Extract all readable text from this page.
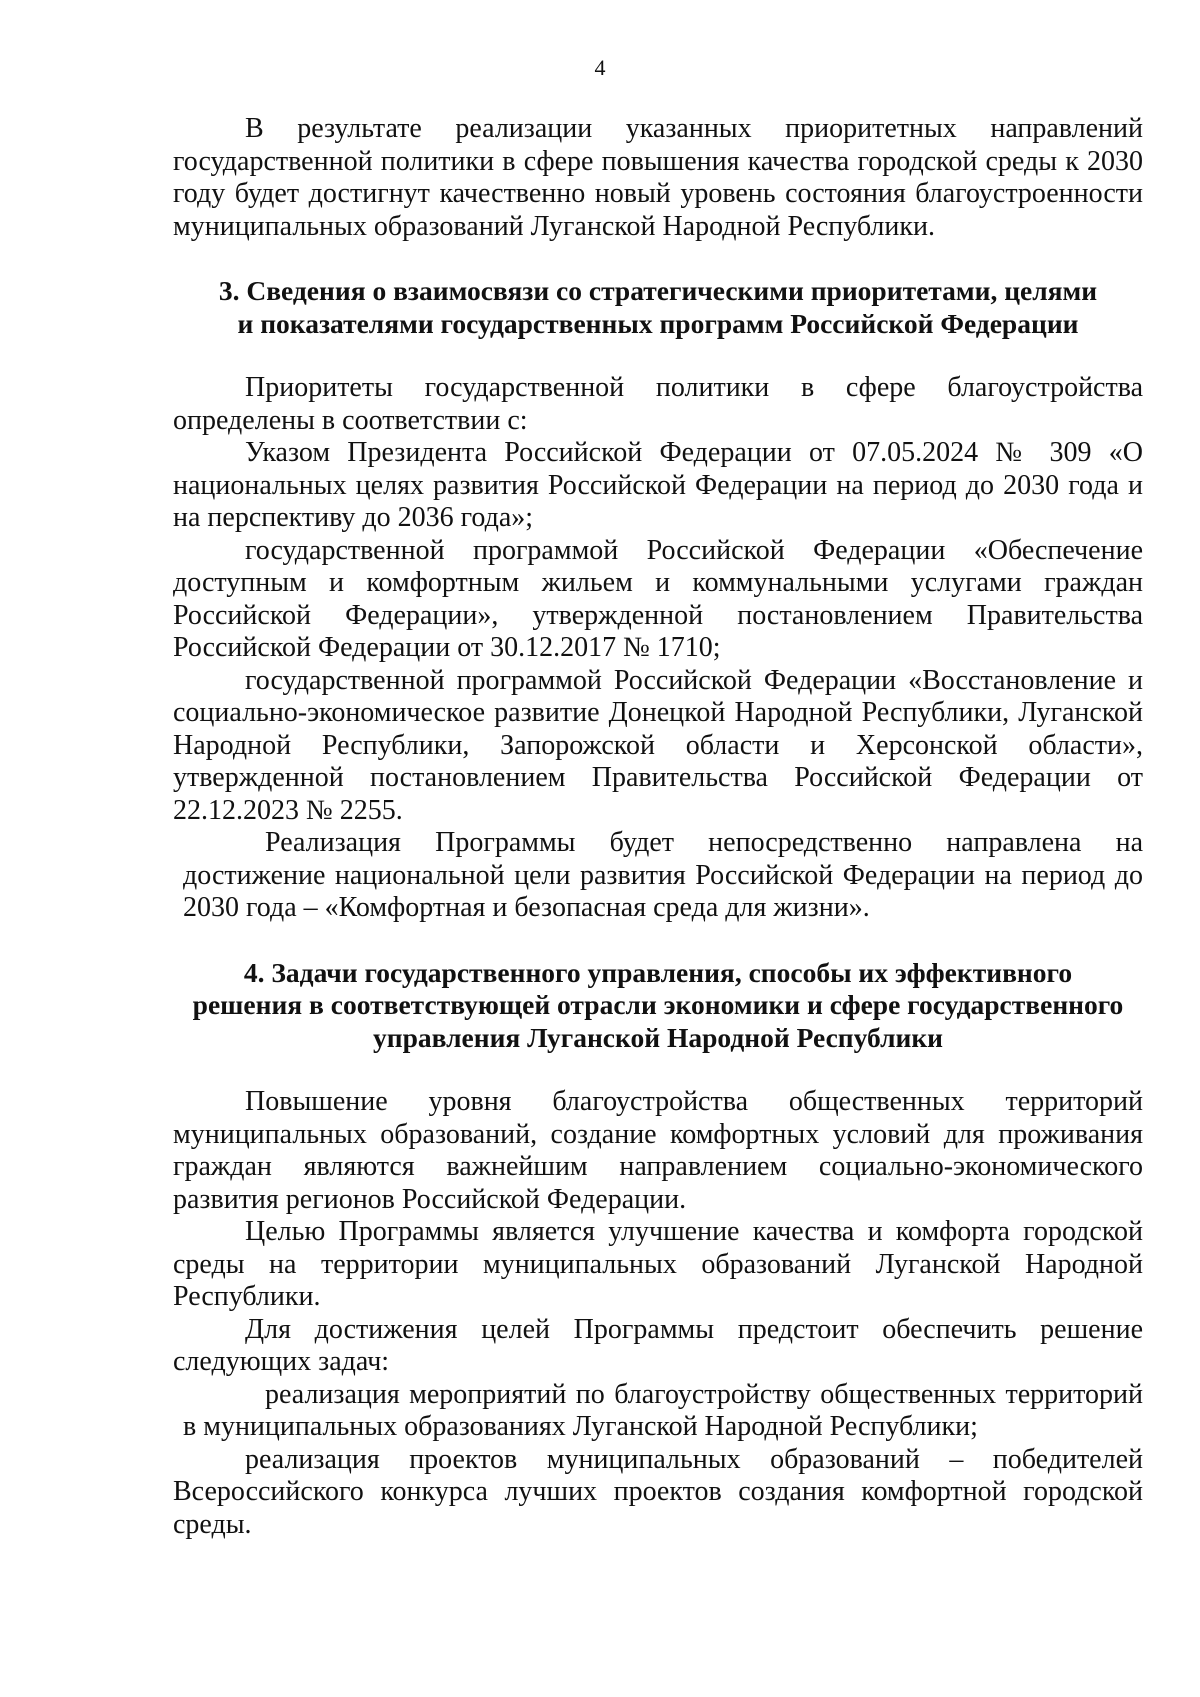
4

В результате реализации указанных приоритетных направлений государственной политики в сфере повышения качества городской среды к 2030 году будет достигнут качественно новый уровень состояния благоустроенности муниципальных образований Луганской Народной Республики.

3. Сведения о взаимосвязи со стратегическими приоритетами, целями

и показателями государственных программ Российской Федерации

Приоритеты государственной политики в сфере благоустройства определены в соответствии с:

Указом Президента Российской Федерации от 07.05.2024 № 309 «О национальных целях развития Российской Федерации на период до 2030 года и на перспективу до 2036 года»;

государственной программой Российской Федерации «Обеспечение доступным и комфортным жильем и коммунальными услугами граждан Российской Федерации», утвержденной постановлением Правительства Российской Федерации от 30.12.2017 № 1710;

государственной программой Российской Федерации «Восстановление и социально-экономическое развитие Донецкой Народной Республики, Луганской Народной Республики, Запорожской области и Херсонской области», утвержденной постановлением Правительства Российской Федерации от 22.12.2023 № 2255.

Реализация Программы будет непосредственно направлена на достижение национальной цели развития Российской Федерации на период до 2030 года – «Комфортная и безопасная среда для жизни».

4. Задачи государственного управления, способы их эффективного

решения в соответствующей отрасли экономики и сфере государственного

управления Луганской Народной Республики

Повышение уровня благоустройства общественных территорий муниципальных образований, создание комфортных условий для проживания граждан являются важнейшим направлением социально-экономического развития регионов Российской Федерации.

Целью Программы является улучшение качества и комфорта городской среды на территории муниципальных образований Луганской Народной Республики.

Для достижения целей Программы предстоит обеспечить решение следующих задач:

реализация мероприятий по благоустройству общественных территорий в муниципальных образованиях Луганской Народной Республики;

реализация проектов муниципальных образований – победителей Всероссийского конкурса лучших проектов создания комфортной городской среды.
